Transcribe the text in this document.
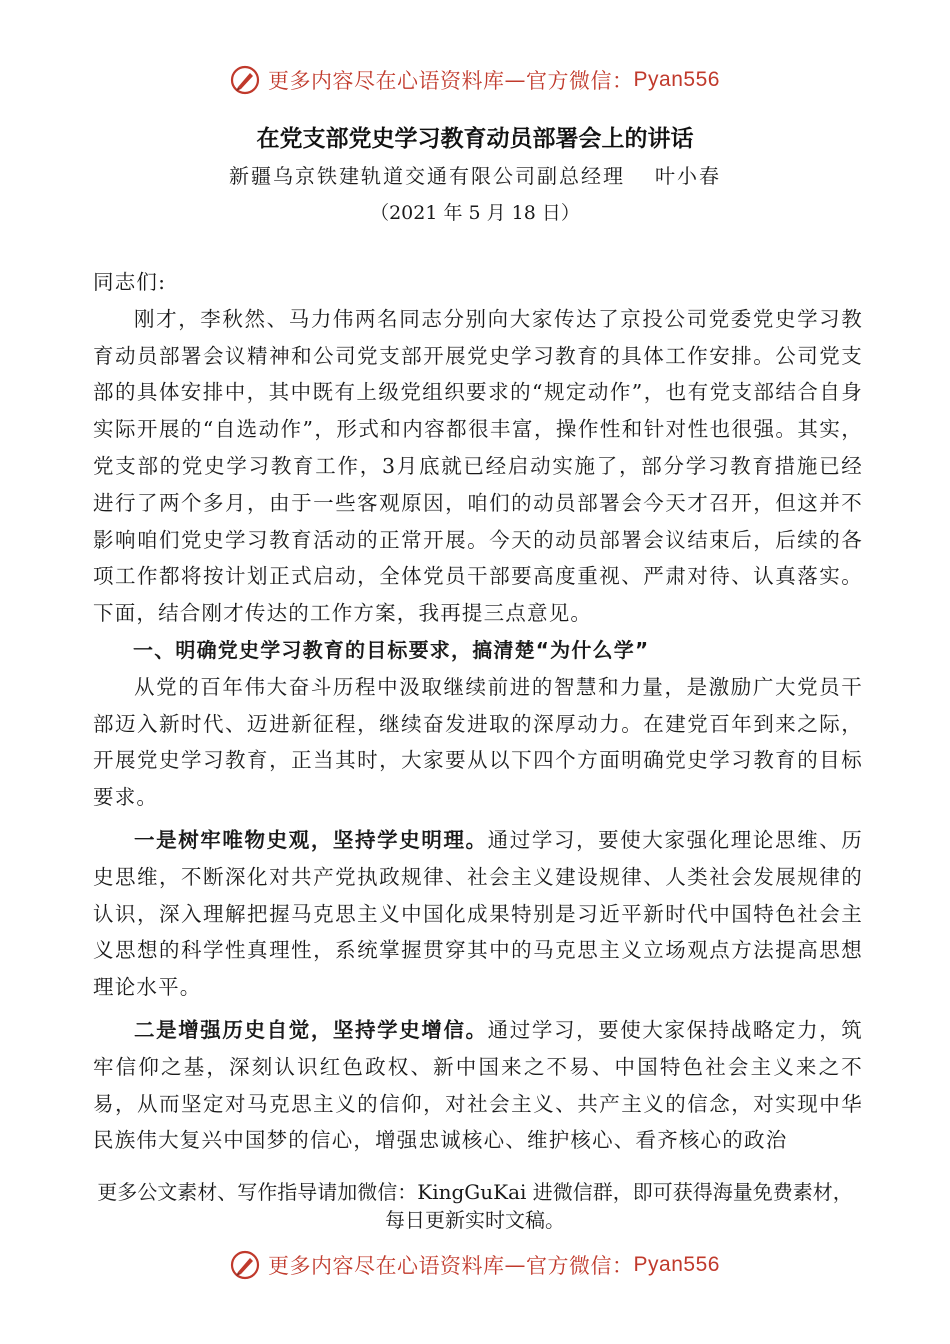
更多内容尽在心语资料库 — 官方微信： Pyan556
在党支部党史学习教育动员部署会上的讲话
新疆乌京铁建轨道交通有限公司副总经理 叶小春
（2021 年 5 月 18 日）

同志们:

刚才，李秋然、马力伟两名同志分别向大家传达了京投公司党委党史学习教育动员部署会议精神和公司党支部开展党史学习教育的具体工作安排。公司党支部的具体安排中，其中既有上级党组织要求的“规定动作”，也有党支部结合自身实际开展的“自选动作”，形式和内容都很丰富，操作性和针对性也很强。其实，党支部的党史学习教育工作，3月底就已经启动实施了，部分学习教育措施已经进行了两个多月，由于一些客观原因，咱们的动员部署会今天才召开，但这并不影响咱们党史学习教育活动的正常开展。今天的动员部署会议结束后，后续的各项工作都将按计划正式启动，全体党员干部要高度重视、严肃对待、认真落实。下面，结合刚才传达的工作方案，我再提三点意见。

一、明确党史学习教育的目标要求，搞清楚“为什么学”

从党的百年伟大奋斗历程中汲取继续前进的智慧和力量，是激励广大党员干部迈入新时代、迈进新征程，继续奋发进取的深厚动力。在建党百年到来之际，开展党史学习教育，正当其时，大家要从以下四个方面明确党史学习教育的目标要求。

一是树牢唯物史观，坚持学史明理。通过学习，要使大家强化理论思维、历史思维，不断深化对共产党执政规律、社会主义建设规律、人类社会发展规律的认识，深入理解把握马克思主义中国化成果特别是习近平新时代中国特色社会主义思想的科学性真理性，系统掌握贯穿其中的马克思主义立场观点方法提高思想理论水平。

二是增强历史自觉，坚持学史增信。通过学习，要使大家保持战略定力，筑牢信仰之基，深刻认识红色政权、新中国来之不易、中国特色社会主义来之不易，从而坚定对马克思主义的信仰，对社会主义、共产主义的信念，对实现中华民族伟大复兴中国梦的信心，增强忠诚核心、维护核心、看齐核心的政治

更多公文素材、写作指导请加微信：KingGuKai 进微信群，即可获得海量免费素材，每日更新实时文稿。
更多内容尽在心语资料库 — 官方微信： Pyan556
